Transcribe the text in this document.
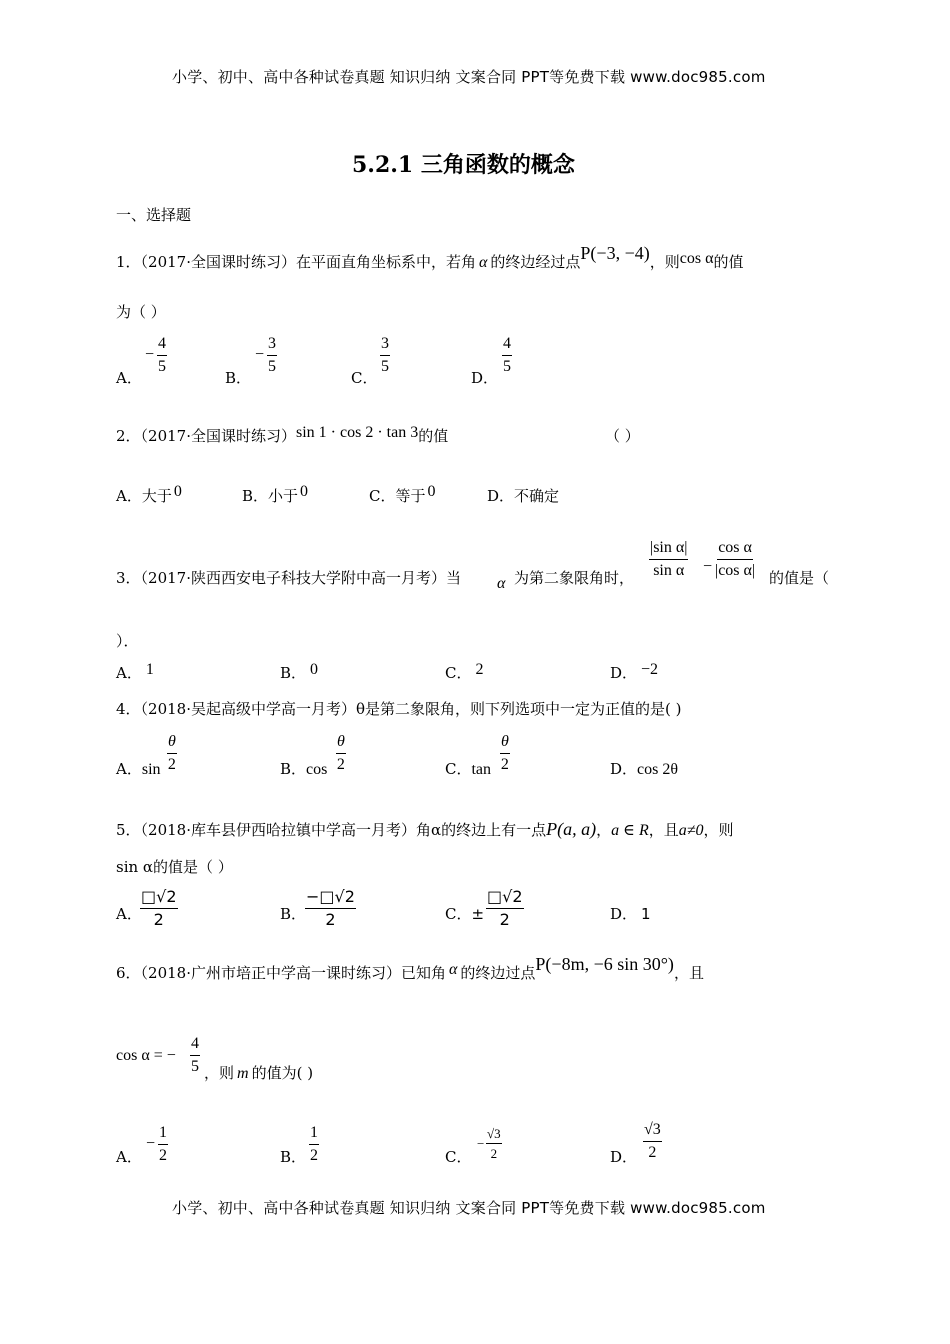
小学、初中、高中各种试卷真题 知识归纳 文案合同 PPT等免费下载 www.doc985.com
5.2.1 三角函数的概念
一、选择题
1．（2017·全国课时练习）在平面直角坐标系中，若角 α 的终边经过点P(−3, −4)，则cos α的值
为（ ）
A．
− $\frac{4}{5}$
B．
− $\frac{3}{5}$
C．
$\frac{3}{5}$
D．
$\frac{4}{5}$
2．（2017·全国课时练习）sin 1 · cos 2 · tan 3的值	（ ）
A．大于 0	B．小于 0	C．等于 0	D．不确定
3．（2017·陕西西安电子科技大学附中高一月考）当 α 为第二象限角时， $\frac{\text{|sin α|}}{\text{sin α}} - \frac{\text{cos α}}{\text{|cos α|}}$ 的值是（
）．
A． 1	B． 0	C． 2	D． −2
4．（2018·吴起高级中学高一月考）θ是第二象限角，则下列选项中一定为正值的是( )
A．$\sin \frac{\theta}{2}$	B．$\cos \frac{\theta}{2}$	C．$\tan \frac{\theta}{2}$	D．cos 2θ
5．（2018·库车县伊西哈拉镇中学高一月考）角α的终边上有一点P(a, a)，a ∈ R，且a≠0，则
sin α的值是（ ）
A．
$\frac{□√2}{2}$	B．
$\frac{-□√2}{2}$	C．± $\frac{□√2}{2}$	D． 1
6．（2018·广州市培正中学高一课时练习）已知角 α 的终边过点P(−8m, −6 sin 30°)，且
cos α = − $\frac{4}{5}$ ，则 m 的值为( )
A．
− $\frac{1}{2}$	B． $\frac{1}{2}$	C．
− $\frac{√3}{2}$	D． $\frac{√3}{2}$
小学、初中、高中各种试卷真题 知识归纳 文案合同 PPT等免费下载 www.doc985.com
